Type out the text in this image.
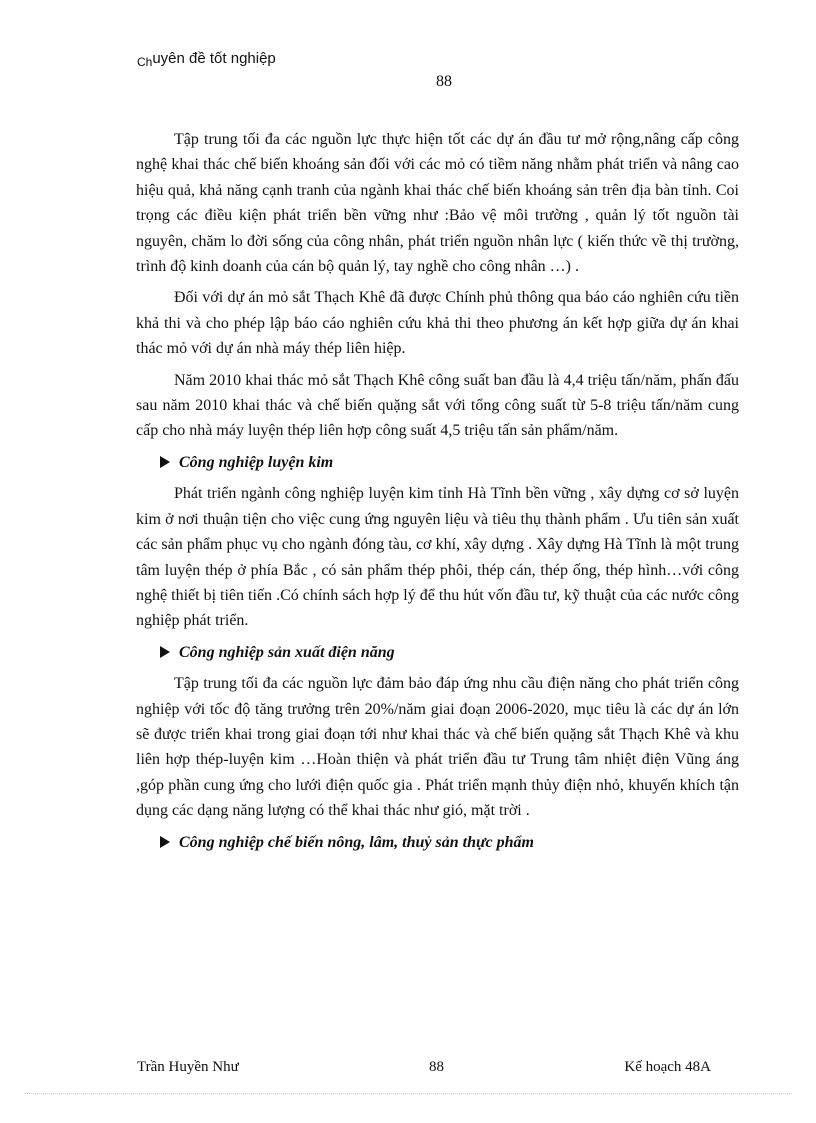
$_{Ch}$uyên đề tốt nghiệp
88

Tập trung tối đa các nguồn lực thực hiện tốt các dự án đầu tư mở rộng,nâng cấp công nghệ khai thác chế biến khoáng sản đối với các mỏ có tiềm năng nhằm phát triển và nâng cao hiệu quả, khả năng cạnh tranh của ngành khai thác chế biến khoáng sản trên địa bàn tỉnh. Coi trọng các điều kiện phát triển bền vững như :Bảo vệ môi trường , quản lý tốt nguồn tài nguyên, chăm lo đời sống của công nhân, phát triển nguồn nhân lực ( kiến thức về thị trường, trình độ kinh doanh của cán bộ quản lý, tay nghề cho công nhân …) .

Đối với dự án mỏ sắt Thạch Khê đã được Chính phủ thông qua báo cáo nghiên cứu tiền khả thi và cho phép lập báo cáo nghiên cứu khả thi theo phương án kết hợp giữa dự án khai thác mỏ với dự án nhà máy thép liên hiệp.

Năm 2010 khai thác mỏ sắt Thạch Khê công suất ban đầu là 4,4 triệu tấn/năm, phấn đấu sau năm 2010 khai thác và chế biến quặng sắt với tổng công suất từ 5-8 triệu tấn/năm cung cấp cho nhà máy luyện thép liên hợp công suất 4,5 triệu tấn sản phẩm/năm.

Công nghiệp luyện kim

Phát triển ngành công nghiệp luyện kim tỉnh Hà Tĩnh bền vững , xây dựng cơ sở luyện kim ở nơi thuận tiện cho việc cung ứng nguyên liệu và tiêu thụ thành phẩm . Ưu tiên sản xuất các sản phẩm phục vụ cho ngành đóng tàu, cơ khí, xây dựng . Xây dựng Hà Tĩnh là một trung tâm luyện thép ở phía Bắc , có sản phẩm thép phôi, thép cán, thép ống, thép hình…với công nghệ thiết bị tiên tiến .Có chính sách hợp lý để thu hút vốn đầu tư, kỹ thuật của các nước công nghiệp phát triển.

Công nghiệp sản xuất điện năng

Tập trung tối đa các nguồn lực đảm bảo đáp ứng nhu cầu điện năng cho phát triển công nghiệp với tốc độ tăng trưởng trên 20%/năm giai đoạn 2006-2020, mục tiêu là các dự án lớn sẽ được triển khai trong giai đoạn tới như khai thác và chế biến quặng sắt Thạch Khê và khu liên hợp thép-luyện kim …Hoàn thiện và phát triển đầu tư Trung tâm nhiệt điện Vũng áng ,góp phần cung ứng cho lưới điện quốc gia . Phát triển mạnh thủy điện nhỏ, khuyến khích tận dụng các dạng năng lượng có thể khai thác như gió, mặt trời .

Công nghiệp chế biến nông, lâm, thuỷ sản thực phẩm
Trần Huyền Như	88	Kế hoạch 48A
